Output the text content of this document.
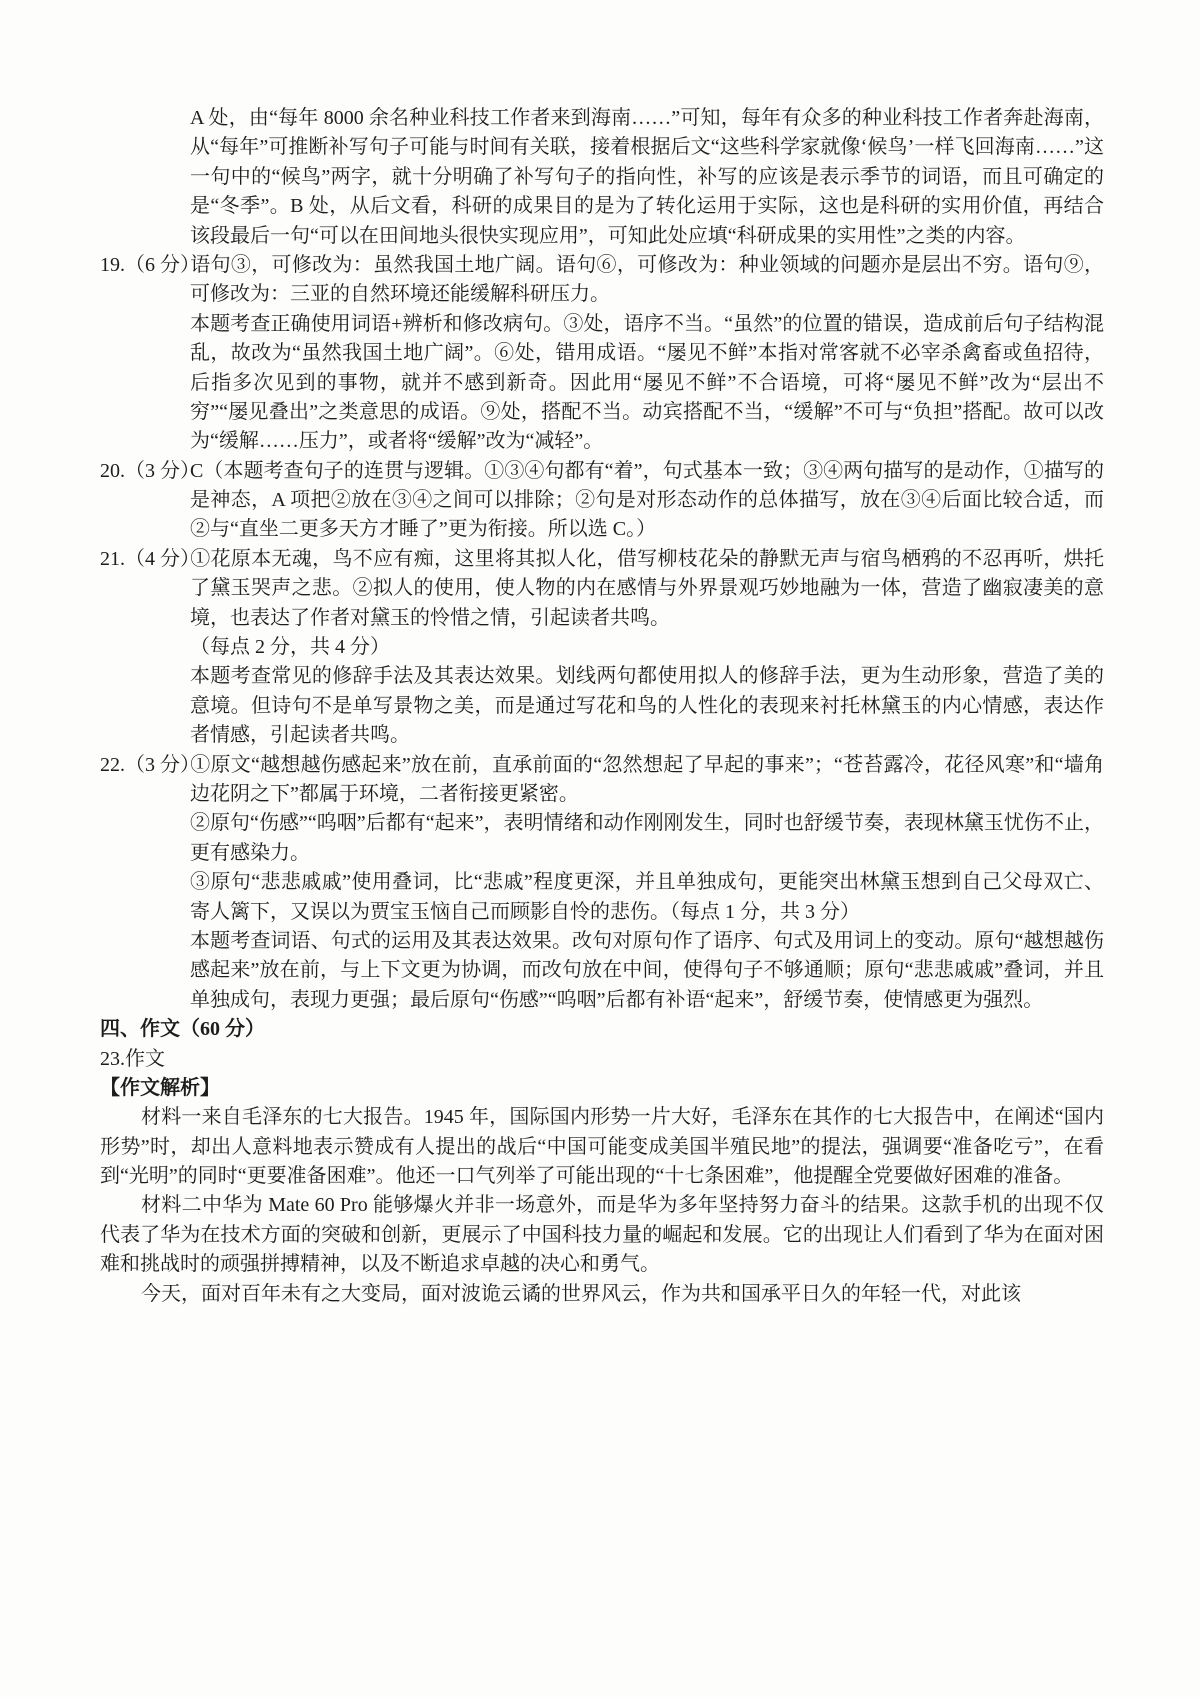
A 处，由“每年 8000 余名种业科技工作者来到海南……”可知，每年有众多的种业科技工作者奔赴海南，从“每年”可推断补写句子可能与时间有关联，接着根据后文“这些科学家就像‘候鸟’一样飞回海南……”这一句中的“候鸟”两字，就十分明确了补写句子的指向性，补写的应该是表示季节的词语，而且可确定的是“冬季”。B 处，从后文看，科研的成果目的是为了转化运用于实际，这也是科研的实用价值，再结合该段最后一句“可以在田间地头很快实现应用”，可知此处应填“科研成果的实用性”之类的内容。

19.（6 分）语句③，可修改为：虽然我国土地广阔。语句⑥，可修改为：种业领域的问题亦是层出不穷。语句⑨，可修改为：三亚的自然环境还能缓解科研压力。

本题考查正确使用词语+辨析和修改病句。③处，语序不当。“虽然”的位置的错误，造成前后句子结构混乱，故改为“虽然我国土地广阔”。⑥处，错用成语。“屡见不鲜”本指对常客就不必宰杀禽畜或鱼招待，后指多次见到的事物，就并不感到新奇。因此用“屡见不鲜”不合语境，可将“屡见不鲜”改为“层出不穷”“屡见叠出”之类意思的成语。⑨处，搭配不当。动宾搭配不当，“缓解”不可与“负担”搭配。故可以改为“缓解……压力”，或者将“缓解”改为“减轻”。

20.（3 分）C（本题考查句子的连贯与逻辑。①③④句都有“着”，句式基本一致；③④两句描写的是动作，①描写的是神态，A 项把②放在③④之间可以排除；②句是对形态动作的总体描写，放在③④后面比较合适，而②与“直坐二更多天方才睡了”更为衔接。所以选 C。）

21.（4 分）①花原本无魂，鸟不应有痴，这里将其拟人化，借写柳枝花朵的静默无声与宿鸟栖鸦的不忍再听，烘托了黛玉哭声之悲。②拟人的使用，使人物的内在感情与外界景观巧妙地融为一体，营造了幽寂凄美的意境，也表达了作者对黛玉的怜惜之情，引起读者共鸣。

（每点 2 分，共 4 分）

本题考查常见的修辞手法及其表达效果。划线两句都使用拟人的修辞手法，更为生动形象，营造了美的意境。但诗句不是单写景物之美，而是通过写花和鸟的人性化的表现来衬托林黛玉的内心情感，表达作者情感，引起读者共鸣。

22.（3 分）①原文“越想越伤感起来”放在前，直承前面的“忽然想起了早起的事来”；“苍苔露冷，花径风寒”和“墙角边花阴之下”都属于环境，二者衔接更紧密。

②原句“伤感”“呜咽”后都有“起来”，表明情绪和动作刚刚发生，同时也舒缓节奏，表现林黛玉忧伤不止，更有感染力。

③原句“悲悲戚戚”使用叠词，比“悲戚”程度更深，并且单独成句，更能突出林黛玉想到自己父母双亡、寄人篱下，又误以为贾宝玉恼自己而顾影自怜的悲伤。（每点 1 分，共 3 分）

本题考查词语、句式的运用及其表达效果。改句对原句作了语序、句式及用词上的变动。原句“越想越伤感起来”放在前，与上下文更为协调，而改句放在中间，使得句子不够通顺；原句“悲悲戚戚”叠词，并且单独成句，表现力更强；最后原句“伤感”“呜咽”后都有补语“起来”，舒缓节奏，使情感更为强烈。

四、作文（60 分）

23.作文

【作文解析】

材料一来自毛泽东的七大报告。1945 年，国际国内形势一片大好，毛泽东在其作的七大报告中，在阐述“国内形势”时，却出人意料地表示赞成有人提出的战后“中国可能变成美国半殖民地”的提法，强调要“准备吃亏”，在看到“光明”的同时“更要准备困难”。他还一口气列举了可能出现的“十七条困难”，他提醒全党要做好困难的准备。

材料二中华为 Mate 60 Pro 能够爆火并非一场意外，而是华为多年坚持努力奋斗的结果。这款手机的出现不仅代表了华为在技术方面的突破和创新，更展示了中国科技力量的崛起和发展。它的出现让人们看到了华为在面对困难和挑战时的顽强拼搏精神，以及不断追求卓越的决心和勇气。

今天，面对百年未有之大变局，面对波诡云谲的世界风云，作为共和国承平日久的年轻一代，对此该
